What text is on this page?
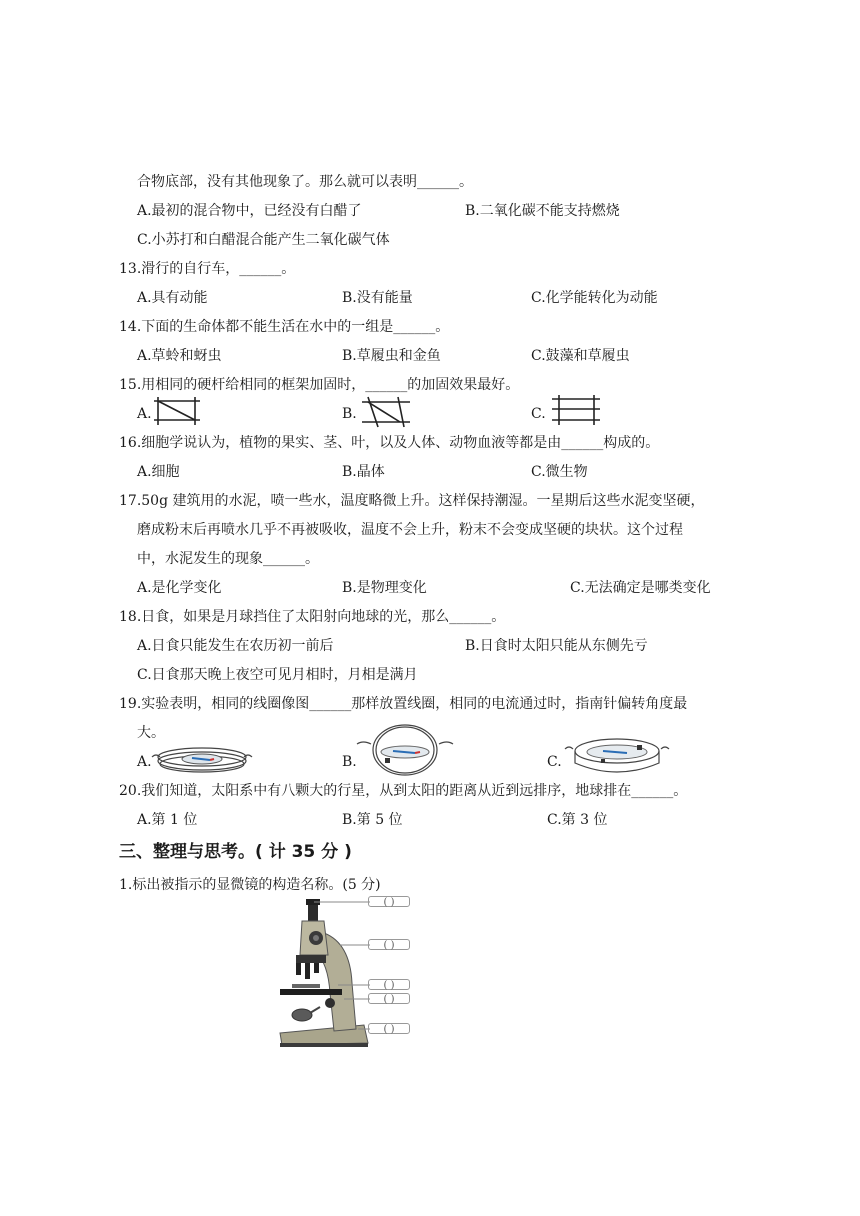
合物底部，没有其他现象了。那么就可以表明______。
A.最初的混合物中，已经没有白醋了	B.二氧化碳不能支持燃烧
C.小苏打和白醋混合能产生二氧化碳气体
13.滑行的自行车，______。
A.具有动能	B.没有能量	C.化学能转化为动能
14.下面的生命体都不能生活在水中的一组是______。
A.草蛉和蚜虫	B.草履虫和金鱼	C.鼓藻和草履虫
15.用相同的硬杆给相同的框架加固时，______的加固效果最好。
A.	B.	C.
16.细胞学说认为，植物的果实、茎、叶，以及人体、动物血液等都是由______构成的。
A.细胞	B.晶体	C.微生物
17.50g 建筑用的水泥，喷一些水，温度略微上升。这样保持潮湿。一星期后这些水泥变坚硬，
磨成粉末后再喷水几乎不再被吸收，温度不会上升，粉末不会变成坚硬的块状。这个过程
中，水泥发生的现象______。
A.是化学变化	B.是物理变化	C.无法确定是哪类变化
18.日食，如果是月球挡住了太阳射向地球的光，那么______。
A.日食只能发生在农历初一前后	B.日食时太阳只能从东侧先亏
C.日食那天晚上夜空可见月相时，月相是满月
19.实验表明，相同的线圈像图______那样放置线圈，相同的电流通过时，指南针偏转角度最
大。
A.	B.	C.
20.我们知道，太阳系中有八颗大的行星，从到太阳的距离从近到远排序，地球排在______。
A.第 1 位	B.第 5 位	C.第 3 位
三、整理与思考。( 计 35 分 )
1.标出被指示的显微镜的构造名称。(5 分)
( )
( )
( )
( )
( )
